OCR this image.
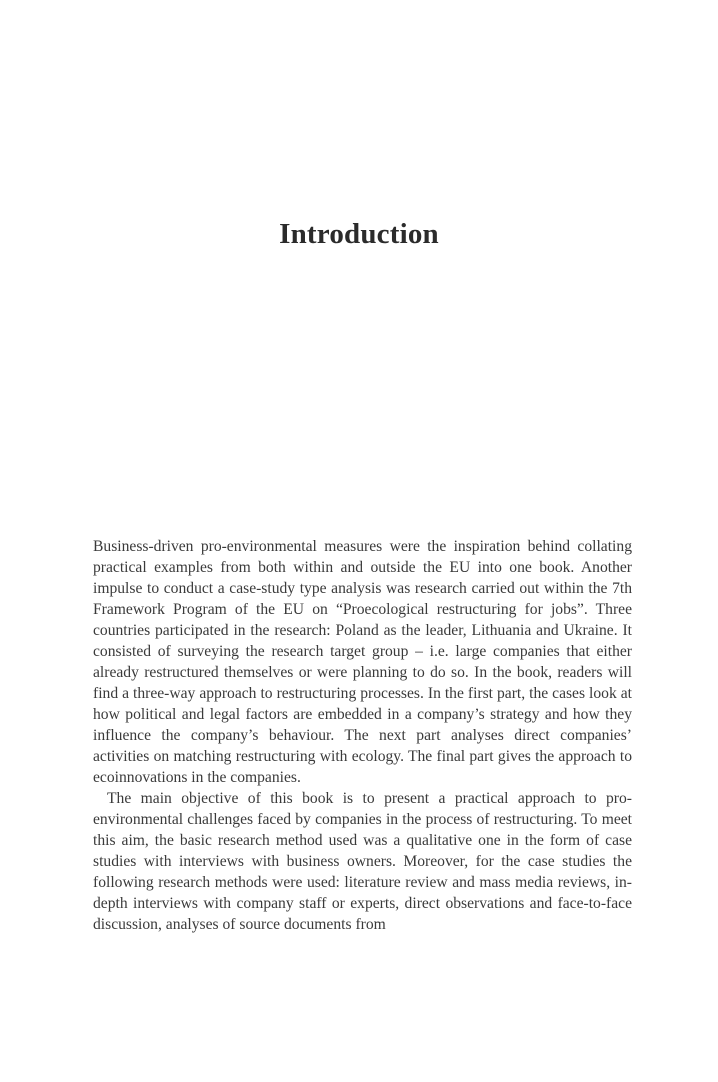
Introduction

Business-driven pro-environmental measures were the inspiration behind collating practical examples from both within and outside the EU into one book. Another impulse to conduct a case-study type analysis was research carried out within the 7th Framework Program of the EU on “Proecological restructuring for jobs”. Three countries participated in the research: Poland as the leader, Lithuania and Ukraine. It consisted of surveying the research target group – i.e. large companies that either already restructured themselves or were planning to do so. In the book, readers will find a three-way approach to restructuring processes. In the first part, the cases look at how political and legal factors are embedded in a company’s strategy and how they influence the company’s behaviour. The next part analyses direct companies’ activities on matching restructuring with ecology. The final part gives the approach to ecoinnovations in the companies.

The main objective of this book is to present a practical approach to proenvironmental challenges faced by companies in the process of restructuring. To meet this aim, the basic research method used was a qualitative one in the form of case studies with interviews with business owners. Moreover, for the case studies the following research methods were used: literature review and mass media reviews, in-depth interviews with company staff or experts, direct observations and face-to-face discussion, analyses of source documents from
